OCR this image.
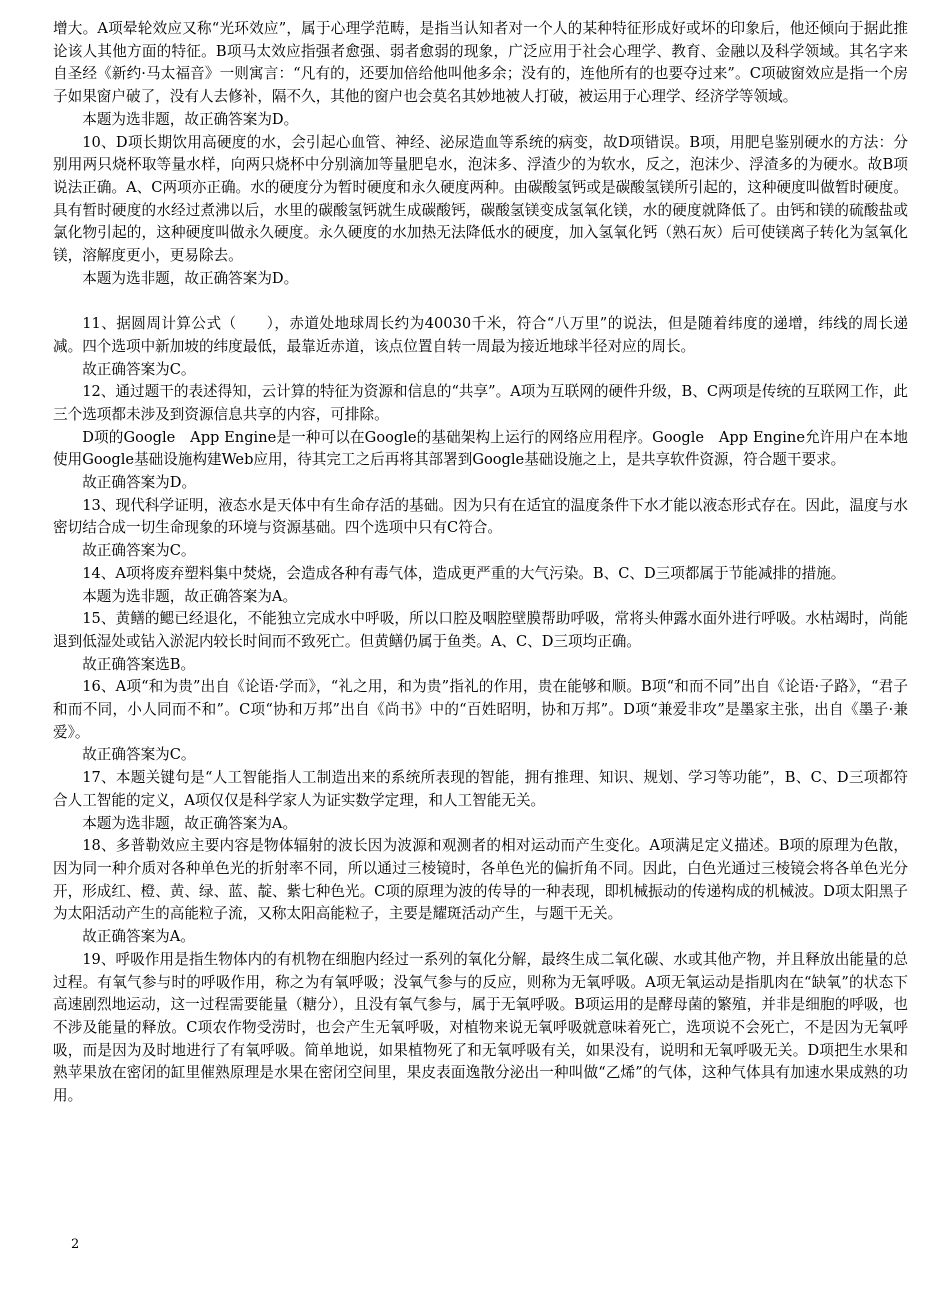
增大。A项晕轮效应又称“光环效应”，属于心理学范畴，是指当认知者对一个人的某种特征形成好或坏的印象后，他还倾向于据此推论该人其他方面的特征。B项马太效应指强者愈强、弱者愈弱的现象，广泛应用于社会心理学、教育、金融以及科学领域。其名字来自圣经《新约·马太福音》一则寓言：“凡有的，还要加倍给他叫他多余；没有的，连他所有的也要夺过来”。C项破窗效应是指一个房子如果窗户破了，没有人去修补，隔不久，其他的窗户也会莫名其妙地被人打破，被运用于心理学、经济学等领域。

本题为选非题，故正确答案为D。

10、D项长期饮用高硬度的水，会引起心血管、神经、泌尿造血等系统的病变，故D项错误。B项，用肥皂鉴别硬水的方法：分别用两只烧杯取等量水样，向两只烧杯中分别滴加等量肥皂水，泡沫多、浮渣少的为软水，反之，泡沫少、浮渣多的为硬水。故B项说法正确。A、C两项亦正确。水的硬度分为暂时硬度和永久硬度两种。由碳酸氢钙或是碳酸氢镁所引起的，这种硬度叫做暂时硬度。具有暂时硬度的水经过煮沸以后，水里的碳酸氢钙就生成碳酸钙，碳酸氢镁变成氢氧化镁，水的硬度就降低了。由钙和镁的硫酸盐或氯化物引起的，这种硬度叫做永久硬度。永久硬度的水加热无法降低水的硬度，加入氢氧化钙（熟石灰）后可使镁离子转化为氢氧化镁，溶解度更小，更易除去。

本题为选非题，故正确答案为D。

11、据圆周计算公式（　　），赤道处地球周长约为40030千米，符合“八万里”的说法，但是随着纬度的递增，纬线的周长递减。四个选项中新加坡的纬度最低，最靠近赤道，该点位置自转一周最为接近地球半径对应的周长。

故正确答案为C。

12、通过题干的表述得知，云计算的特征为资源和信息的“共享”。A项为互联网的硬件升级，B、C两项是传统的互联网工作，此三个选项都未涉及到资源信息共享的内容，可排除。

D项的Google　App Engine是一种可以在Google的基础架构上运行的网络应用程序。Google　App Engine允许用户在本地使用Google基础设施构建Web应用，待其完工之后再将其部署到Google基础设施之上，是共享软件资源，符合题干要求。

故正确答案为D。

13、现代科学证明，液态水是天体中有生命存活的基础。因为只有在适宜的温度条件下水才能以液态形式存在。因此，温度与水密切结合成一切生命现象的环境与资源基础。四个选项中只有C符合。

故正确答案为C。

14、A项将废弃塑料集中焚烧，会造成各种有毒气体，造成更严重的大气污染。B、C、D三项都属于节能减排的措施。

本题为选非题，故正确答案为A。

15、黄鳝的鳃已经退化，不能独立完成水中呼吸，所以口腔及咽腔壁膜帮助呼吸，常将头伸露水面外进行呼吸。水枯竭时，尚能退到低湿处或钻入淤泥内较长时间而不致死亡。但黄鳝仍属于鱼类。A、C、D三项均正确。

故正确答案选B。

16、A项“和为贵”出自《论语·学而》，“礼之用，和为贵”指礼的作用，贵在能够和顺。B项“和而不同”出自《论语·子路》，“君子和而不同，小人同而不和”。C项“协和万邦”出自《尚书》中的“百姓昭明，协和万邦”。D项“兼爱非攻”是墨家主张，出自《墨子·兼爱》。

故正确答案为C。

17、本题关键句是“人工智能指人工制造出来的系统所表现的智能，拥有推理、知识、规划、学习等功能”，B、C、D三项都符合人工智能的定义，A项仅仅是科学家人为证实数学定理，和人工智能无关。

本题为选非题，故正确答案为A。

18、多普勒效应主要内容是物体辐射的波长因为波源和观测者的相对运动而产生变化。A项满足定义描述。B项的原理为色散，因为同一种介质对各种单色光的折射率不同，所以通过三棱镜时，各单色光的偏折角不同。因此，白色光通过三棱镜会将各单色光分开，形成红、橙、黄、绿、蓝、靛、紫七种色光。C项的原理为波的传导的一种表现，即机械振动的传递构成的机械波。D项太阳黑子为太阳活动产生的高能粒子流，又称太阳高能粒子，主要是耀斑活动产生，与题干无关。

故正确答案为A。

19、呼吸作用是指生物体内的有机物在细胞内经过一系列的氧化分解，最终生成二氧化碳、水或其他产物，并且释放出能量的总过程。有氧气参与时的呼吸作用，称之为有氧呼吸；没氧气参与的反应，则称为无氧呼吸。A项无氧运动是指肌肉在“缺氧”的状态下高速剧烈地运动，这一过程需要能量（糖分），且没有氧气参与，属于无氧呼吸。B项运用的是酵母菌的繁殖，并非是细胞的呼吸，也不涉及能量的释放。C项农作物受涝时，也会产生无氧呼吸，对植物来说无氧呼吸就意味着死亡，选项说不会死亡，不是因为无氧呼吸，而是因为及时地进行了有氧呼吸。简单地说，如果植物死了和无氧呼吸有关，如果没有，说明和无氧呼吸无关。D项把生水果和熟苹果放在密闭的缸里催熟原理是水果在密闭空间里，果皮表面逸散分泌出一种叫做“乙烯”的气体，这种气体具有加速水果成熟的功用。

2
